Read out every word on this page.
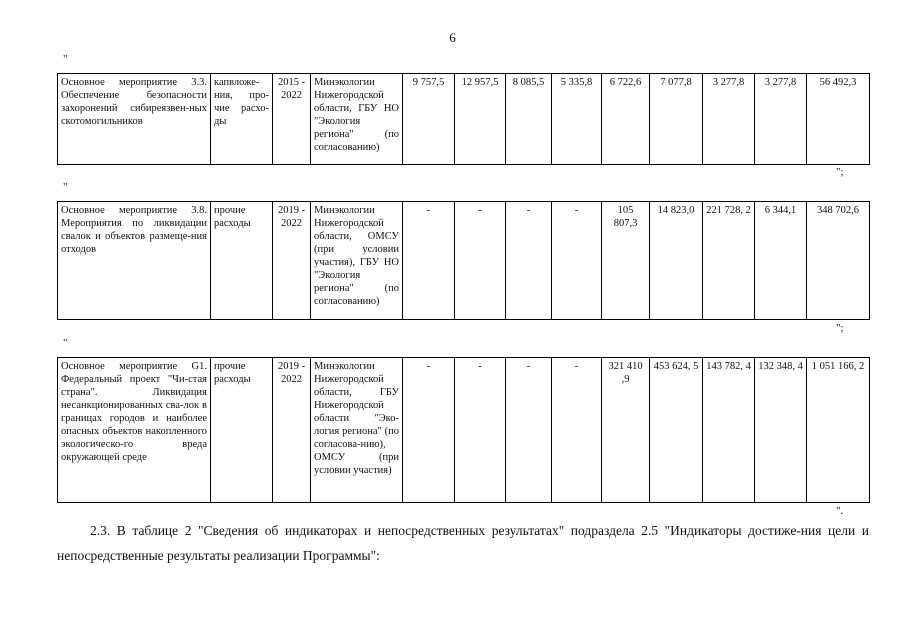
6
"
Основное мероприятие 3.3. Обеспечение безопасности захоронений сибиреязвен-ных скотомогильников	капвложе-ния, про-чие расхо-ды	2015 - 2022	Минэкологии Нижегородской области, ГБУ НО "Экология региона" (по согласованию)	9 757,5	12 957,5	8 085,5	5 335,8	6 722,6	7 077,8	3 277,8	3 277,8	56 492,3
";
"
Основное мероприятие 3.8. Мероприятия по ликвидации свалок и объектов размеще-ния отходов	прочие расходы	2019 - 2022	Минэкологии Нижегородской области, ОМСУ (при условии участия), ГБУ НО "Экология региона" (по согласованию)	-	-	-	-	105 807,3	14 823,0	221 728, 2	6 344,1	348 702,6
";
"
Основное мероприятие G1. Федеральный проект "Чи-стая страна". Ликвидация несанкционированных сва-лок в границах городов и наиболее опасных объектов накопленного экологическо-го вреда окружающей среде	прочие расходы	2019 - 2022	Минэкологии Нижегородской области, ГБУ Нижегородской области "Эко-логия региона" (по согласова-нию), ОМСУ (при условии участия)	-	-	-	-	321 410 ,9	453 624, 5	143 782, 4	132 348, 4	1 051 166, 2
".

2.3. В таблице 2 "Сведения об индикаторах и непосредственных результатах" подраздела 2.5 "Индикаторы достиже-ния цели и непосредственные результаты реализации Программы":
